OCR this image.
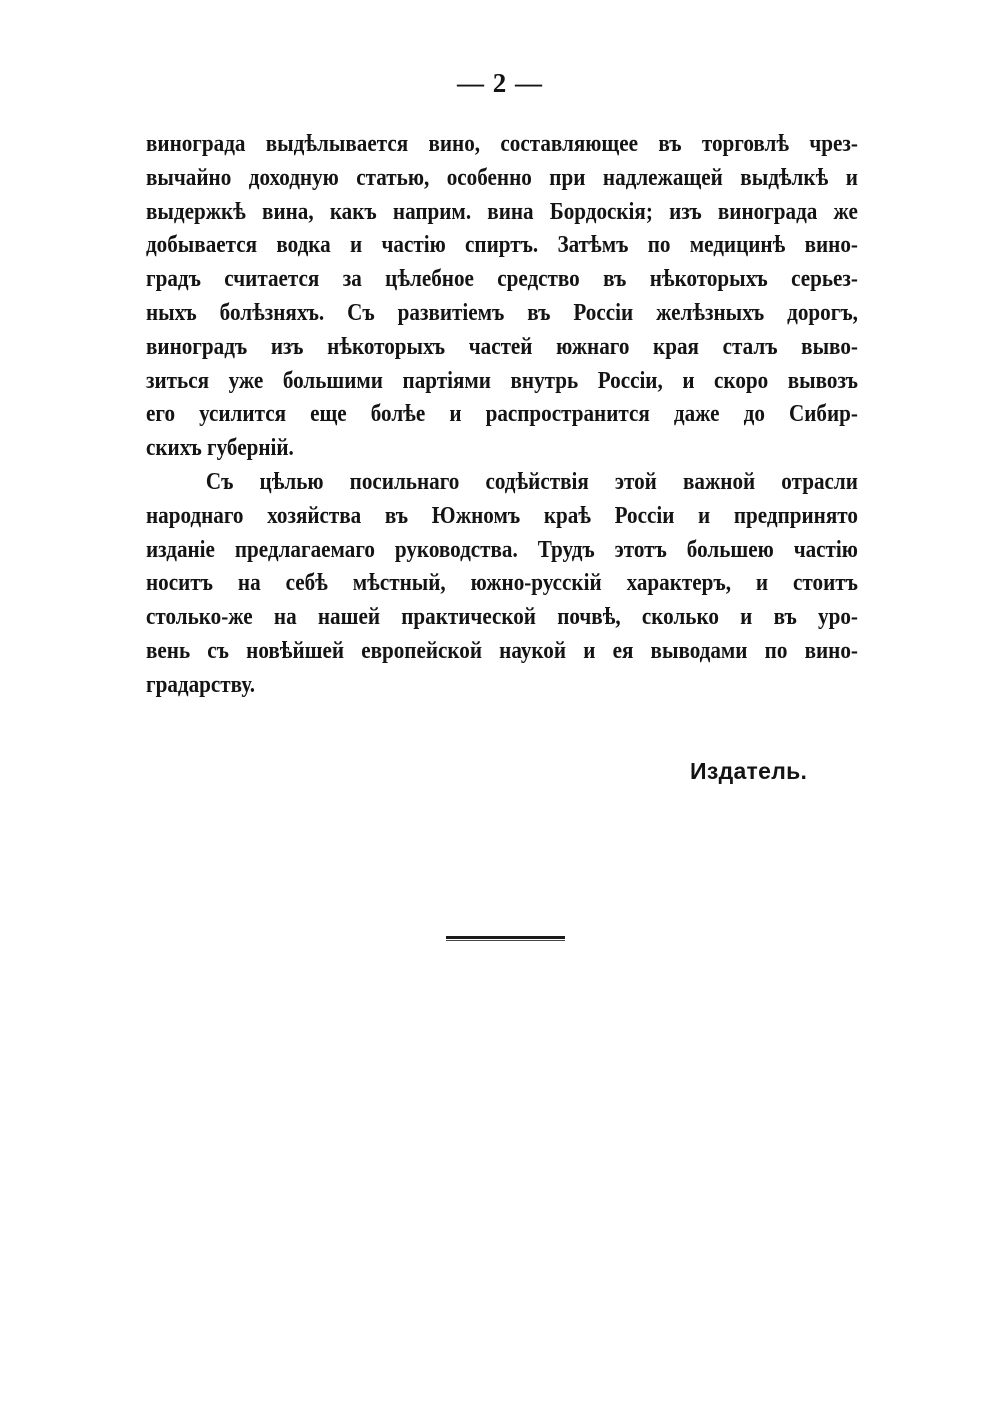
— 2 —
винограда выдѣлывается вино, составляющее въ торговлѣ чрез-
вычайно доходную статью, особенно при надлежащей выдѣлкѣ и
выдержкѣ вина, какъ наприм. вина Бордоскія; изъ винограда же
добывается водка и частію спиртъ. Затѣмъ по медицинѣ вино-
градъ считается за цѣлебное средство въ нѣкоторыхъ серьез-
ныхъ болѣзняхъ. Съ развитіемъ въ Россіи желѣзныхъ дорогъ,
виноградъ изъ нѣкоторыхъ частей южнаго края сталъ выво-
зиться уже большими партіями внутрь Россіи, и скоро вывозъ
его усилится еще болѣе и распространится даже до Сибир-
скихъ губерній.
Съ цѣлью посильнаго содѣйствія этой важной отрасли
народнаго хозяйства въ Южномъ краѣ Россіи и предпринято
изданіе предлагаемаго руководства. Трудъ этотъ большею частію
носитъ на себѣ мѣстный, южно-русскій характеръ, и стоитъ
столько-же на нашей практической почвѣ, сколько и въ уро-
вень съ новѣйшей европейской наукой и ея выводами по вино-
градарству.
Издатель.
